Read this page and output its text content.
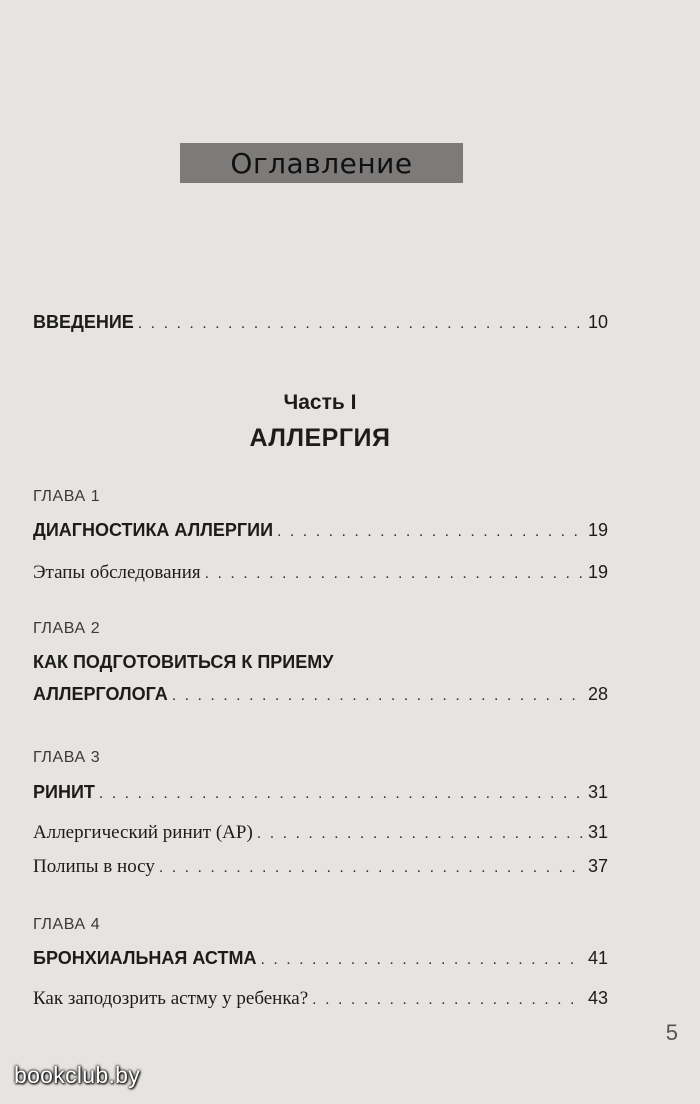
Оглавление
ВВЕДЕНИЕ . . .	10
Часть I
АЛЛЕРГИЯ
ГЛАВА 1
ДИАГНОСТИКА АЛЛЕРГИИ . . .	19
Этапы обследования . . .	19
ГЛАВА 2
КАК ПОДГОТОВИТЬСЯ К ПРИЕМУ
АЛЛЕРГОЛОГА . . .	28
ГЛАВА 3
РИНИТ . . .	31
Аллергический ринит (АР) . . .	31
Полипы в носу . . .	37
ГЛАВА 4
БРОНХИАЛЬНАЯ АСТМА . . .	41
Как заподозрить астму у ребенка? . . .	43
5
bookclub.by
